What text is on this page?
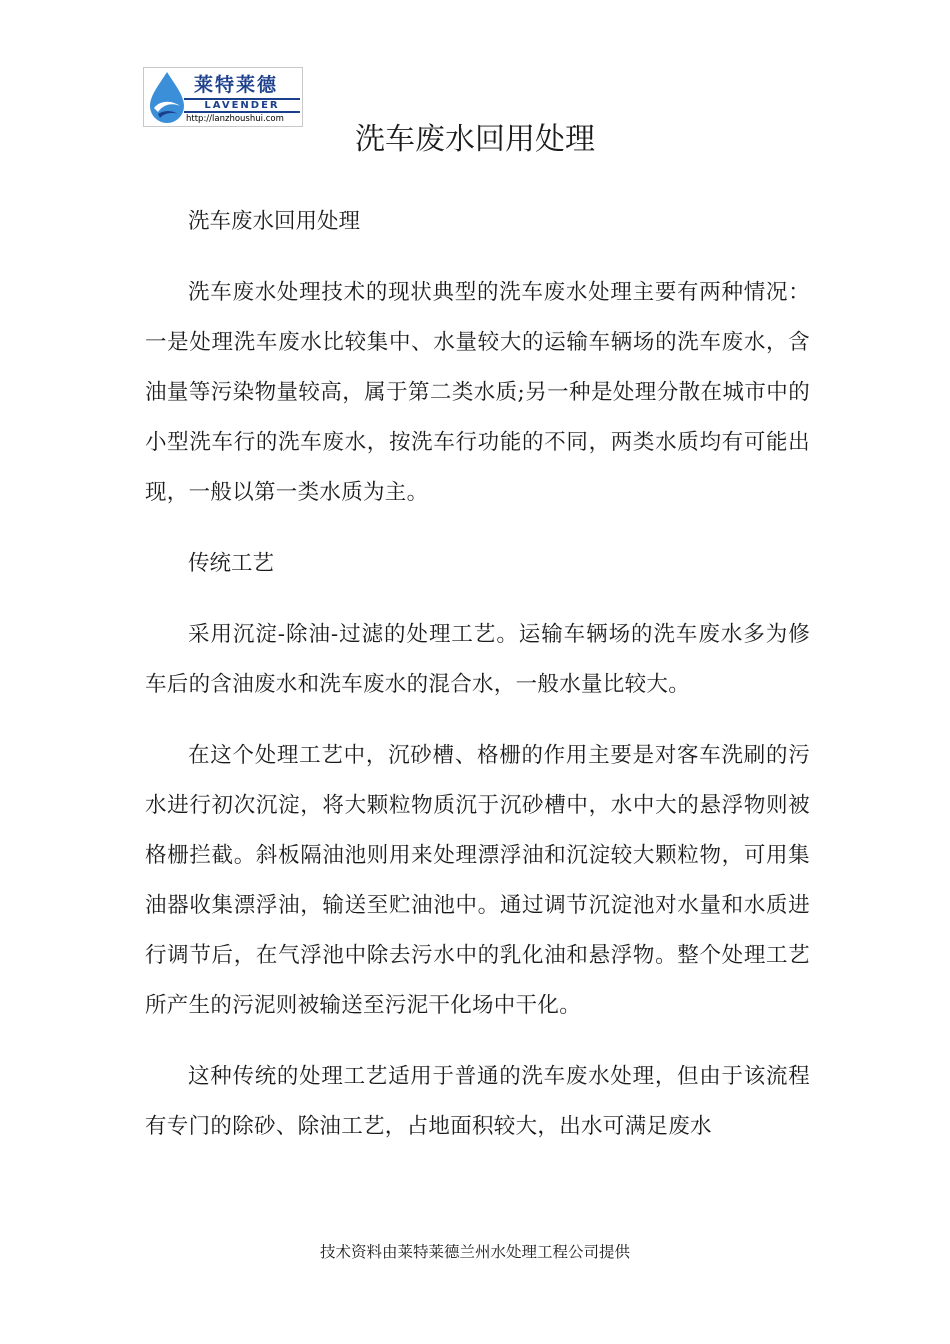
莱特莱德
LAVENDER
http://lanzhoushui.com
洗车废水回用处理

洗车废水回用处理

洗车废水处理技术的现状典型的洗车废水处理主要有两种情况：一是处理洗车废水比较集中、水量较大的运输车辆场的洗车废水，含油量等污染物量较高，属于第二类水质;另一种是处理分散在城市中的小型洗车行的洗车废水，按洗车行功能的不同，两类水质均有可能出现，一般以第一类水质为主。

传统工艺

采用沉淀-除油-过滤的处理工艺。运输车辆场的洗车废水多为修车后的含油废水和洗车废水的混合水，一般水量比较大。

在这个处理工艺中，沉砂槽、格栅的作用主要是对客车洗刷的污水进行初次沉淀，将大颗粒物质沉于沉砂槽中，水中大的悬浮物则被格栅拦截。斜板隔油池则用来处理漂浮油和沉淀较大颗粒物，可用集油器收集漂浮油，输送至贮油池中。通过调节沉淀池对水量和水质进行调节后，在气浮池中除去污水中的乳化油和悬浮物。整个处理工艺所产生的污泥则被输送至污泥干化场中干化。

这种传统的处理工艺适用于普通的洗车废水处理，但由于该流程有专门的除砂、除油工艺，占地面积较大，出水可满足废水

技术资料由莱特莱德兰州水处理工程公司提供
